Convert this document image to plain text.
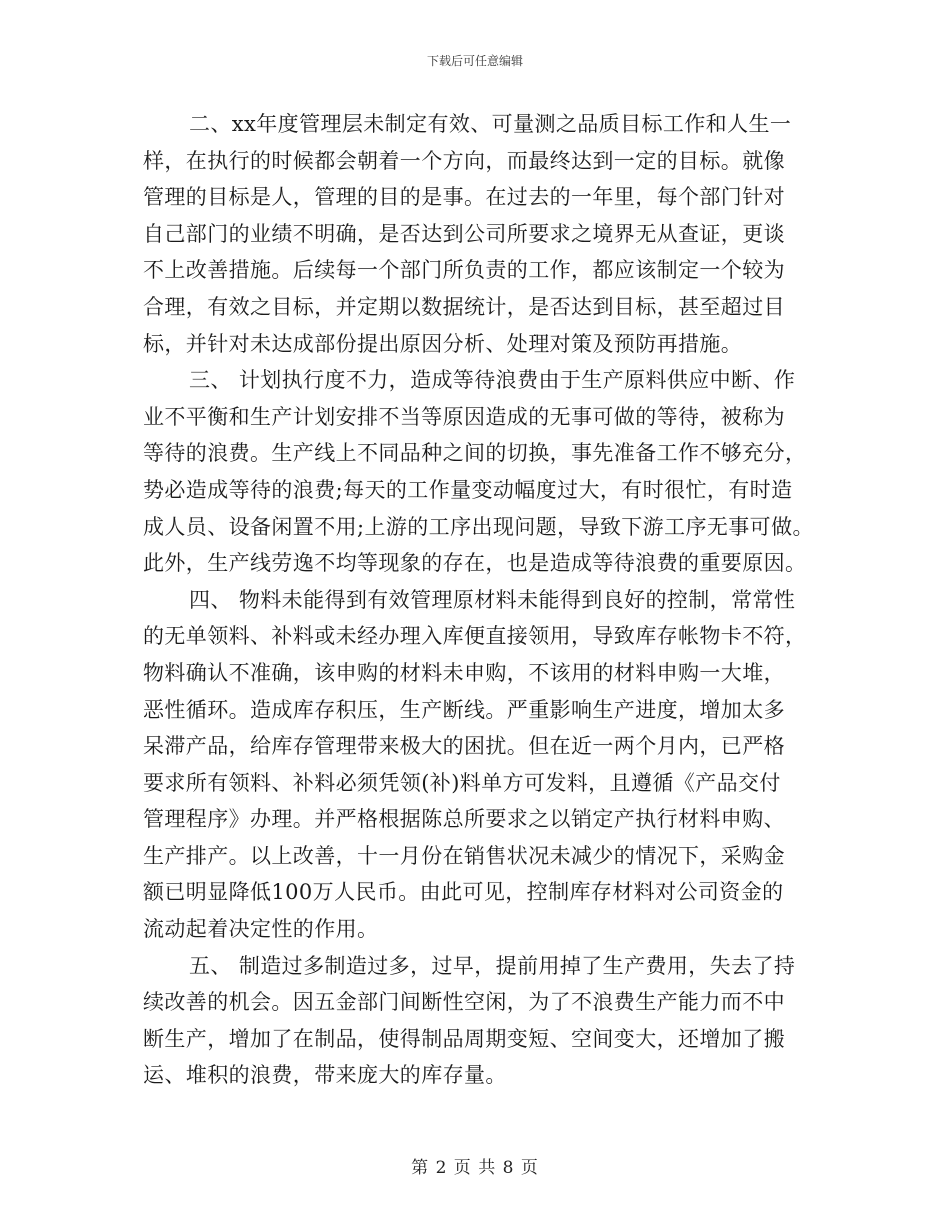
下载后可任意编辑
二、xx年度管理层未制定有效、可量测之品质目标工作和人生一
样，在执行的时候都会朝着一个方向，而最终达到一定的目标。就像
管理的目标是人，管理的目的是事。在过去的一年里，每个部门针对
自己部门的业绩不明确，是否达到公司所要求之境界无从查证，更谈
不上改善措施。后续每一个部门所负责的工作，都应该制定一个较为
合理，有效之目标，并定期以数据统计，是否达到目标，甚至超过目
标，并针对未达成部份提出原因分析、处理对策及预防再措施。
三、 计划执行度不力，造成等待浪费由于生产原料供应中断、作
业不平衡和生产计划安排不当等原因造成的无事可做的等待，被称为
等待的浪费。生产线上不同品种之间的切换，事先准备工作不够充分，
势必造成等待的浪费;每天的工作量变动幅度过大，有时很忙，有时造
成人员、设备闲置不用;上游的工序出现问题，导致下游工序无事可做。
此外，生产线劳逸不均等现象的存在，也是造成等待浪费的重要原因。
四、 物料未能得到有效管理原材料未能得到良好的控制，常常性
的无单领料、补料或未经办理入库便直接领用，导致库存帐物卡不符，
物料确认不准确，该申购的材料未申购，不该用的材料申购一大堆，
恶性循环。造成库存积压，生产断线。严重影响生产进度，增加太多
呆滞产品，给库存管理带来极大的困扰。但在近一两个月内，已严格
要求所有领料、补料必须凭领(补)料单方可发料，且遵循《产品交付
管理程序》办理。并严格根据陈总所要求之以销定产执行材料申购、
生产排产。以上改善，十一月份在销售状况未减少的情况下，采购金
额已明显降低100万人民币。由此可见，控制库存材料对公司资金的
流动起着决定性的作用。
五、 制造过多制造过多，过早，提前用掉了生产费用，失去了持
续改善的机会。因五金部门间断性空闲，为了不浪费生产能力而不中
断生产，增加了在制品，使得制品周期变短、空间变大，还增加了搬
运、堆积的浪费，带来庞大的库存量。
第 2 页 共 8 页
